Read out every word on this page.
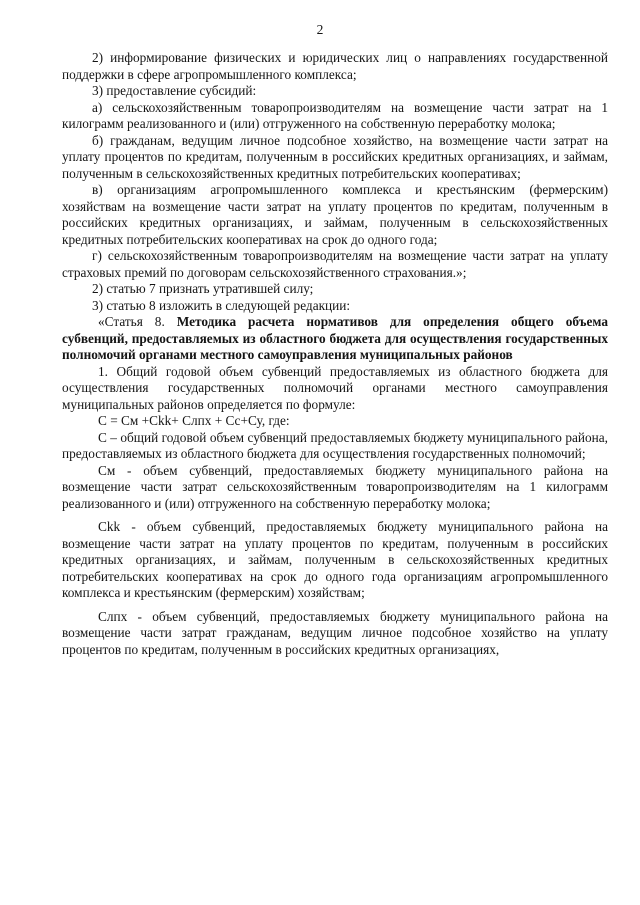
2

2) информирование физических и юридических лиц о направлениях государственной поддержки в сфере агропромышленного комплекса;

3) предоставление субсидий:

а) сельскохозяйственным товаропроизводителям на возмещение части затрат на 1 килограмм реализованного и (или) отгруженного на собственную переработку молока;

б) гражданам, ведущим личное подсобное хозяйство, на возмещение части затрат на уплату процентов по кредитам, полученным в российских кредитных организациях, и займам, полученным в сельскохозяйственных кредитных потребительских кооперативах;

в) организациям агропромышленного комплекса и крестьянским (фермерским) хозяйствам на возмещение части затрат на уплату процентов по кредитам, полученным в российских кредитных организациях, и займам, полученным в сельскохозяйственных кредитных потребительских кооперативах на срок до одного года;

г) сельскохозяйственным товаропроизводителям на возмещение части затрат на уплату страховых премий по договорам сельскохозяйственного страхования.»;

2) статью 7 признать утратившей силу;

3) статью 8 изложить в следующей редакции:

«Статья 8. Методика расчета нормативов для определения общего объема субвенций, предоставляемых из областного бюджета для осуществления государственных полномочий органами местного самоуправления муниципальных районов

1. Общий годовой объем субвенций предоставляемых из областного бюджета для осуществления государственных полномочий органами местного самоуправления муниципальных районов определяется по формуле:

С = См +Сkk+ Слпх + Сс+Су, где:

С – общий годовой объем субвенций предоставляемых бюджету муниципального района, предоставляемых из областного бюджета для осуществления государственных полномочий;

См - объем субвенций, предоставляемых бюджету муниципального района на возмещение части затрат сельскохозяйственным товаропроизводителям на 1 килограмм реализованного и (или) отгруженного на собственную переработку молока;

Сkk - объем субвенций, предоставляемых бюджету муниципального района на возмещение части затрат на уплату процентов по кредитам, полученным в российских кредитных организациях, и займам, полученным в сельскохозяйственных кредитных потребительских кооперативах на срок до одного года организациям агропромышленного комплекса и крестьянским (фермерским) хозяйствам;

Слпх - объем субвенций, предоставляемых бюджету муниципального района на возмещение части затрат гражданам, ведущим личное подсобное хозяйство на уплату процентов по кредитам, полученным в российских кредитных организациях,
